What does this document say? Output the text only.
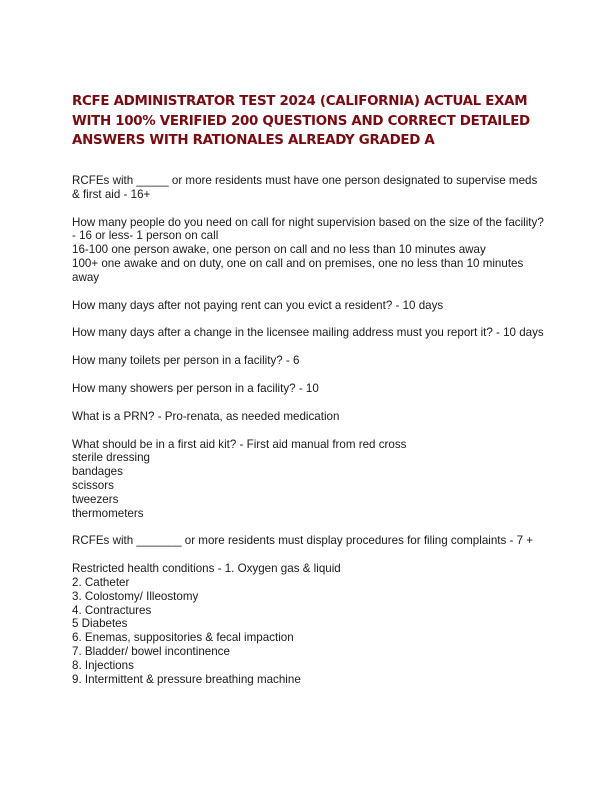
RCFE ADMINISTRATOR TEST 2024 (CALIFORNIA) ACTUAL EXAM WITH 100% VERIFIED 200 QUESTIONS AND CORRECT DETAILED ANSWERS WITH RATIONALES ALREADY GRADED A
RCFEs with _____ or more residents must have one person designated to supervise meds & first aid - 16+
How many people do you need on call for night supervision based on the size of the facility? - 16 or less- 1 person on call
16-100 one person awake, one person on call and no less than 10 minutes away
100+ one awake and on duty, one on call and on premises, one no less than 10 minutes away
How many days after not paying rent can you evict a resident? - 10 days
How many days after a change in the licensee mailing address must you report it? - 10 days
How many toilets per person in a facility? - 6
How many showers per person in a facility? - 10
What is a PRN? - Pro-renata, as needed medication
What should be in a first aid kit? - First aid manual from red cross
sterile dressing
bandages
scissors
tweezers
thermometers
RCFEs with _______ or more residents must display procedures for filing complaints - 7 +
Restricted health conditions - 1. Oxygen gas & liquid
2. Catheter
3. Colostomy/ Illeostomy
4. Contractures
5 Diabetes
6. Enemas, suppositories & fecal impaction
7. Bladder/ bowel incontinence
8. Injections
9. Intermittent & pressure breathing machine
